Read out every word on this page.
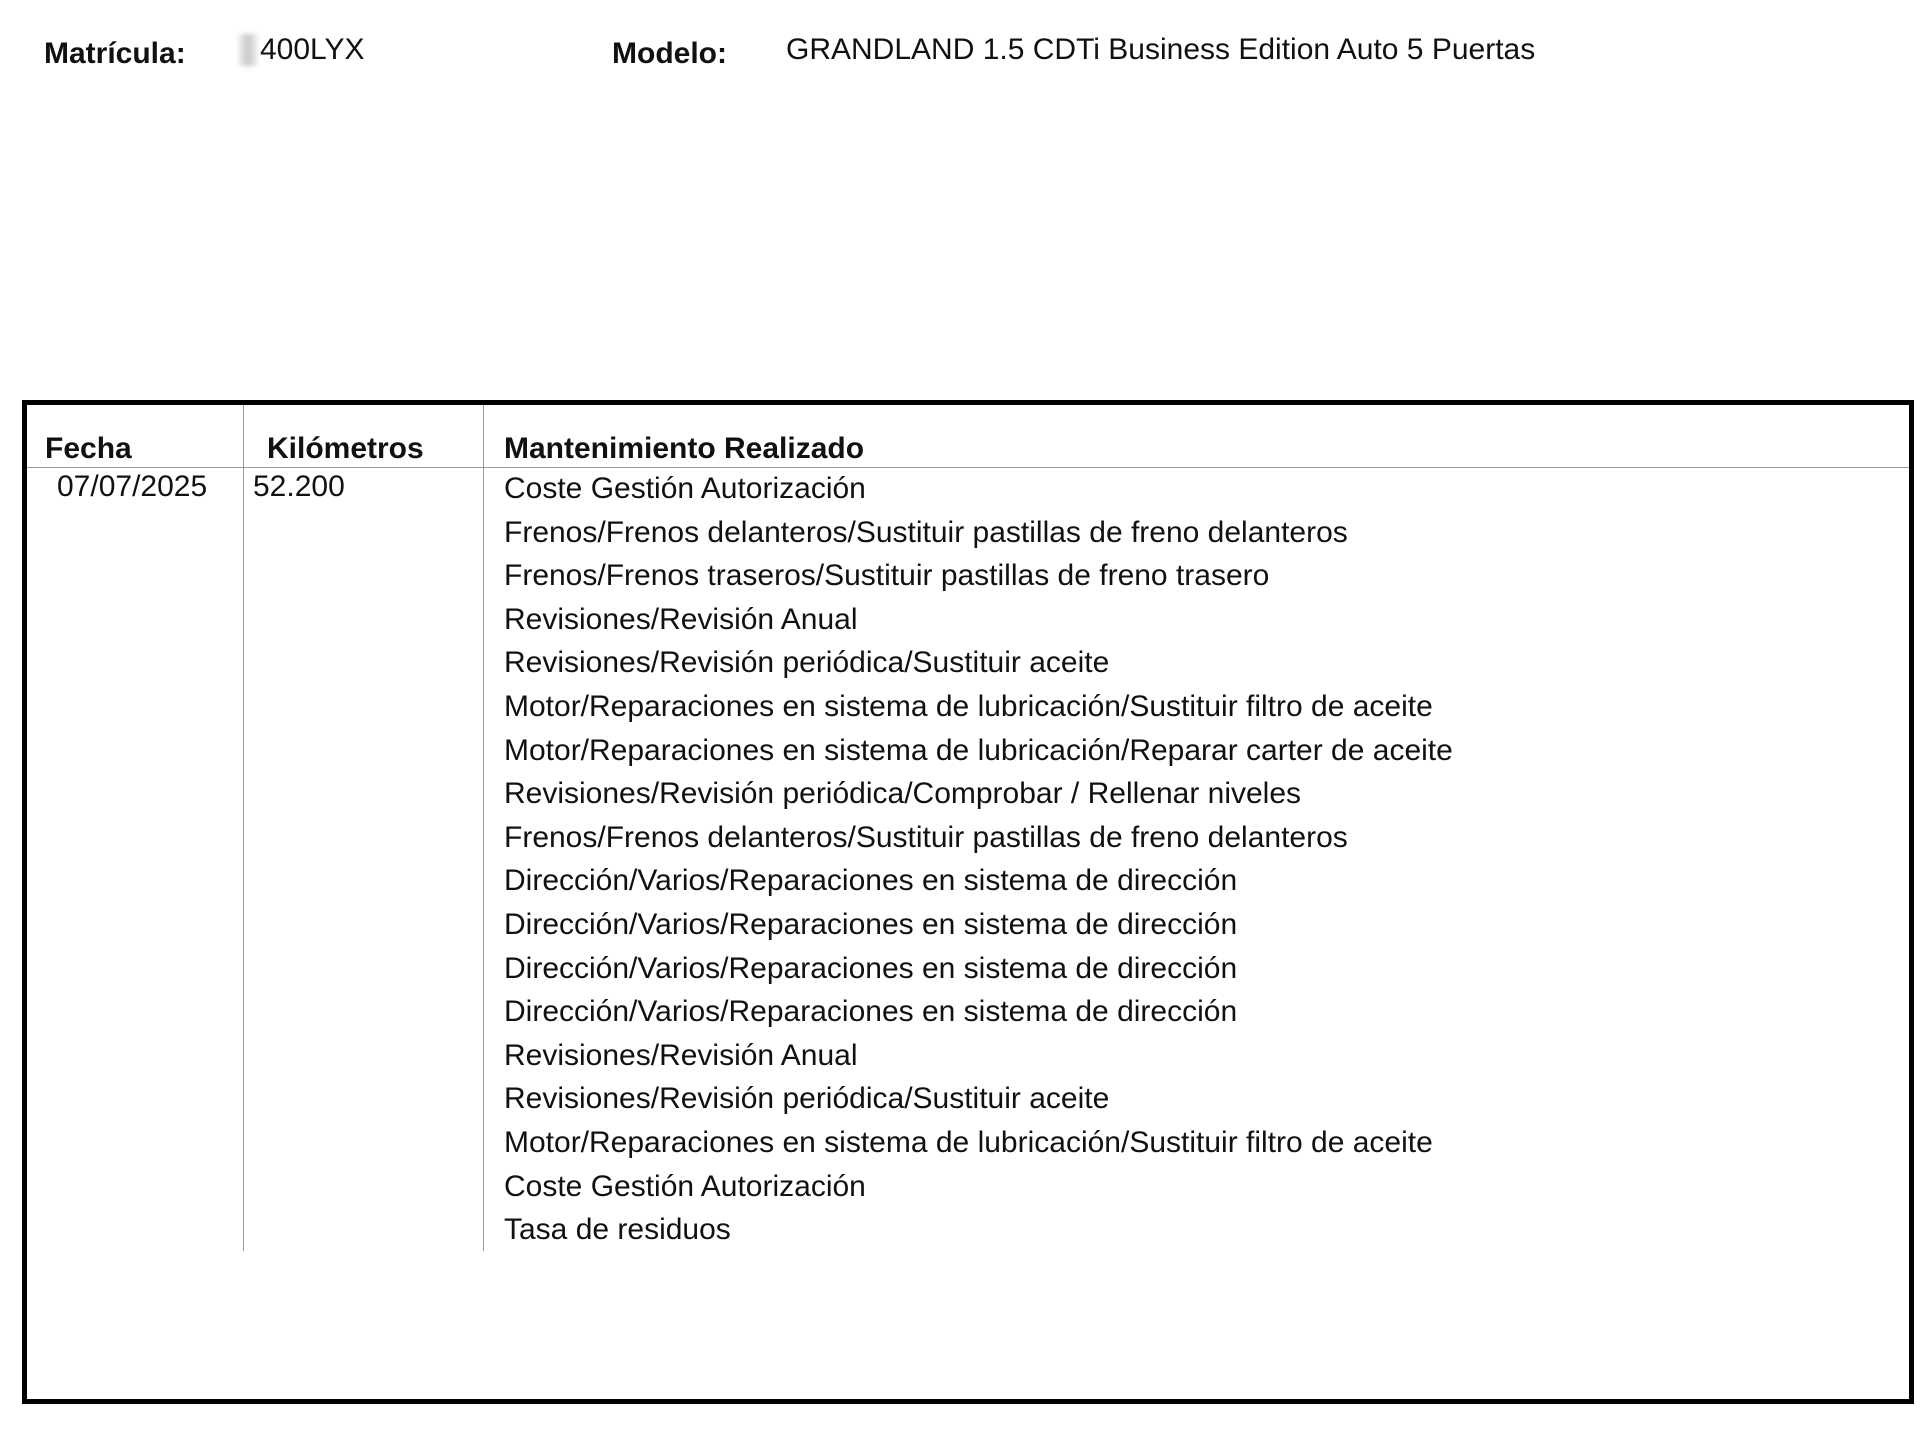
Matrícula: 400LYX	Modelo: GRANDLAND 1.5 CDTi Business Edition Auto 5 Puertas
Fecha	Kilómetros	Mantenimiento Realizado
07/07/2025 52.200	Coste Gestión Autorización
Frenos/Frenos delanteros/Sustituir pastillas de freno delanteros
Frenos/Frenos traseros/Sustituir pastillas de freno trasero
Revisiones/Revisión Anual
Revisiones/Revisión periódica/Sustituir aceite
Motor/Reparaciones en sistema de lubricación/Sustituir filtro de aceite
Motor/Reparaciones en sistema de lubricación/Reparar carter de aceite
Revisiones/Revisión periódica/Comprobar / Rellenar niveles
Frenos/Frenos delanteros/Sustituir pastillas de freno delanteros
Dirección/Varios/Reparaciones en sistema de dirección
Dirección/Varios/Reparaciones en sistema de dirección
Dirección/Varios/Reparaciones en sistema de dirección
Dirección/Varios/Reparaciones en sistema de dirección
Revisiones/Revisión Anual
Revisiones/Revisión periódica/Sustituir aceite
Motor/Reparaciones en sistema de lubricación/Sustituir filtro de aceite
Coste Gestión Autorización
Tasa de residuos
